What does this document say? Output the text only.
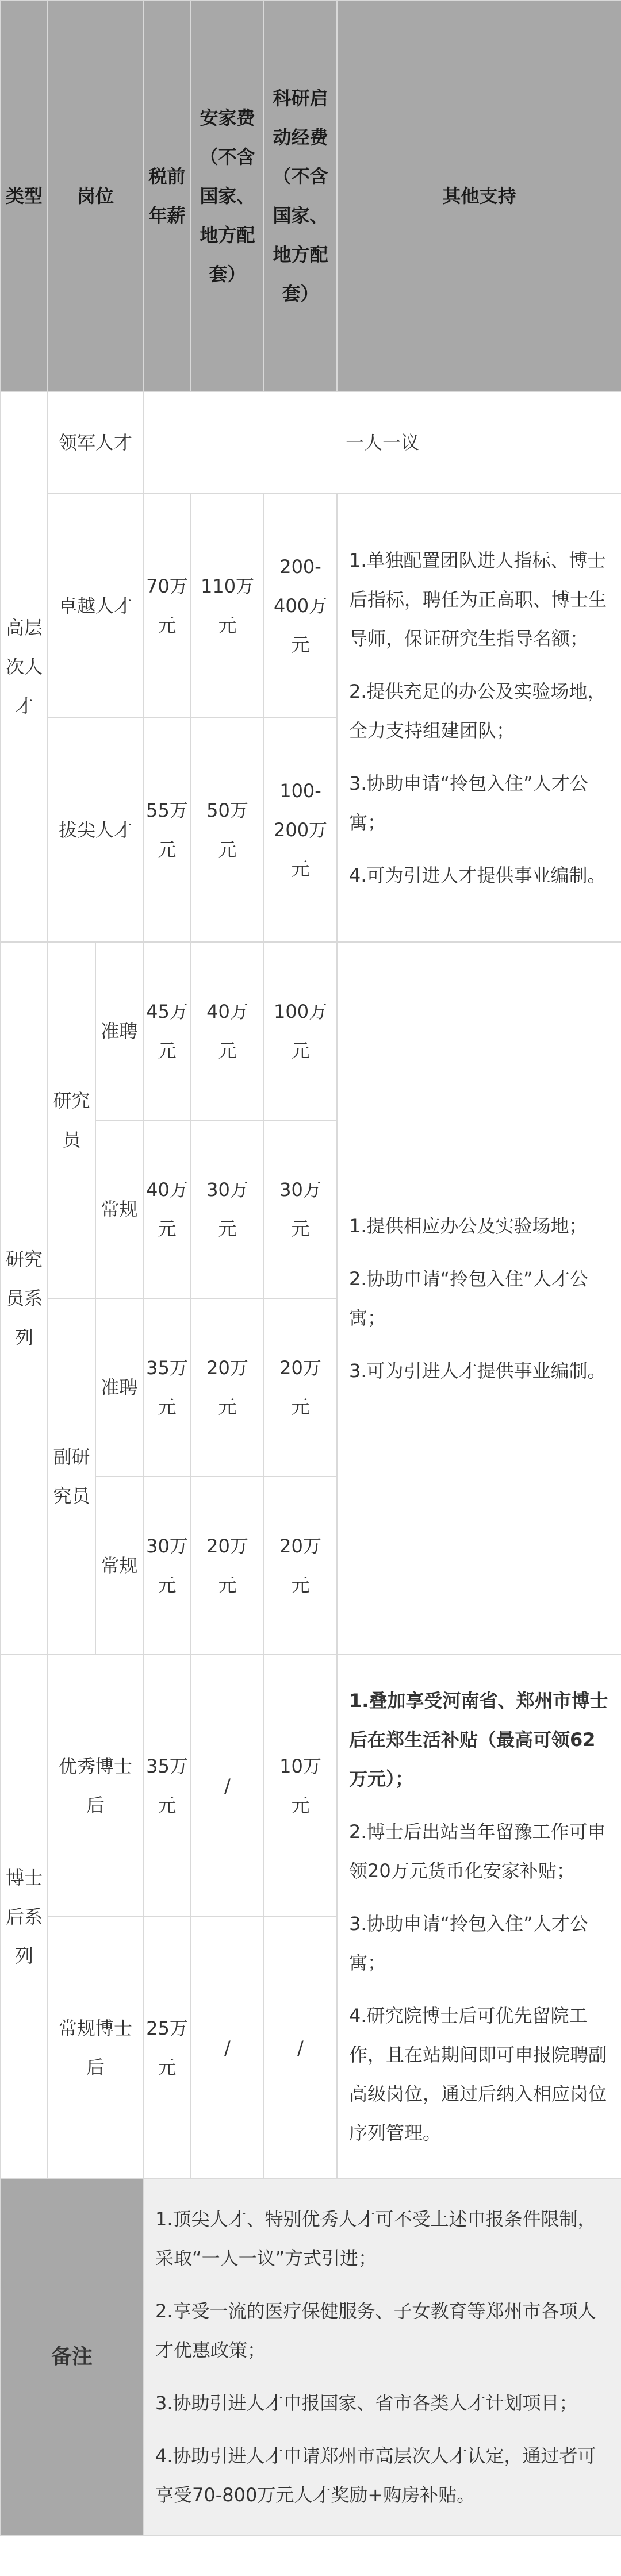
类型	岗位		税前年薪	安家费（不含国家、地方配套）	科研启动经费（不含国家、地方配套）	其他支持
高层次人才	领军人才		一人一议			
	卓越人才		70万元	110万元	200-400万元	1.单独配置团队进人指标、博士后指标，聘任为正高职、博士生导师，保证研究生指导名额；

2.提供充足的办公及实验场地，全力支持组建团队；

3.协助申请“拎包入住”人才公寓；

4.可为引进人才提供事业编制。

	拔尖人才		55万元	50万元	100-200万元	
研究员系列	研究员	准聘	45万元	40万元	100万元	1.提供相应办公及实验场地；

2.协助申请“拎包入住”人才公寓；

3.可为引进人才提供事业编制。

		常规	40万元	30万元	30万元	
	副研究员	准聘	35万元	20万元	20万元	
		常规	30万元	20万元	20万元	
博士后系列	优秀博士后		35万元	/	10万元	1.叠加享受河南省、郑州市博士后在郑生活补贴（最高可领62万元）；

2.博士后出站当年留豫工作可申领20万元货币化安家补贴；

3.协助申请“拎包入住”人才公寓；

4.研究院博士后可优先留院工作，且在站期间即可申报院聘副高级岗位，通过后纳入相应岗位序列管理。

	常规博士后		25万元	/	/	
备注			1.顶尖人才、特别优秀人才可不受上述申报条件限制，采取“一人一议”方式引进；

2.享受一流的医疗保健服务、子女教育等郑州市各项人才优惠政策；

3.协助引进人才申报国家、省市各类人才计划项目；

4.协助引进人才申请郑州市高层次人才认定，通过者可享受70-800万元人才奖励+购房补贴。			
